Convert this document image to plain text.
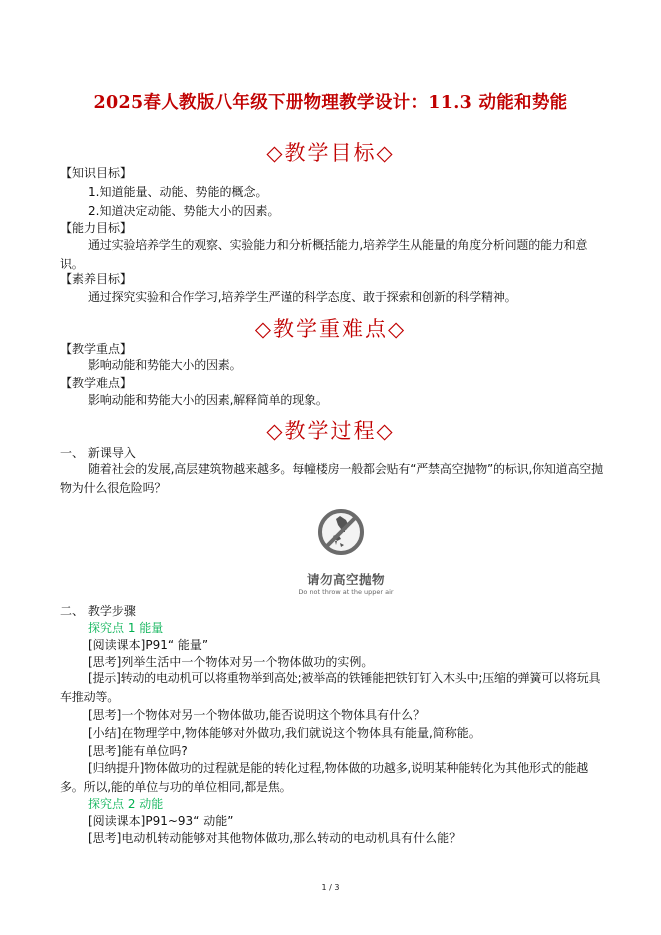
2025春人教版八年级下册物理教学设计：11.3 动能和势能
◇教学目标◇
【知识目标】
1.知道能量、动能、势能的概念。
2.知道决定动能、势能大小的因素。
【能力目标】
通过实验培养学生的观察、实验能力和分析概括能力,培养学生从能量的角度分析问题的能力和意识。
【素养目标】
通过探究实验和合作学习,培养学生严谨的科学态度、敢于探索和创新的科学精神。
◇教学重难点◇
【教学重点】
影响动能和势能大小的因素。
【教学难点】
影响动能和势能大小的因素,解释简单的现象。
◇教学过程◇
一、 新课导入
随着社会的发展,高层建筑物越来越多。每幢楼房一般都会贴有“严禁高空抛物”的标识,你知道高空抛物为什么很危险吗？
请勿高空抛物
Do not throw at the upper air
二、 教学步骤
探究点 1 能量
[阅读课本]P91“ 能量”
[思考]列举生活中一个物体对另一个物体做功的实例。
[提示]转动的电动机可以将重物举到高处;被举高的铁锤能把铁钉钉入木头中;压缩的弹簧可以将玩具车推动等。
[思考]一个物体对另一个物体做功,能否说明这个物体具有什么？
[小结]在物理学中,物体能够对外做功,我们就说这个物体具有能量,简称能。
[思考]能有单位吗?
[归纳提升]物体做功的过程就是能的转化过程,物体做的功越多,说明某种能转化为其他形式的能越多。所以,能的单位与功的单位相同,都是焦。
探究点 2 动能
[阅读课本]P91~93“ 动能”
[思考]电动机转动能够对其他物体做功,那么转动的电动机具有什么能？
1 / 3
